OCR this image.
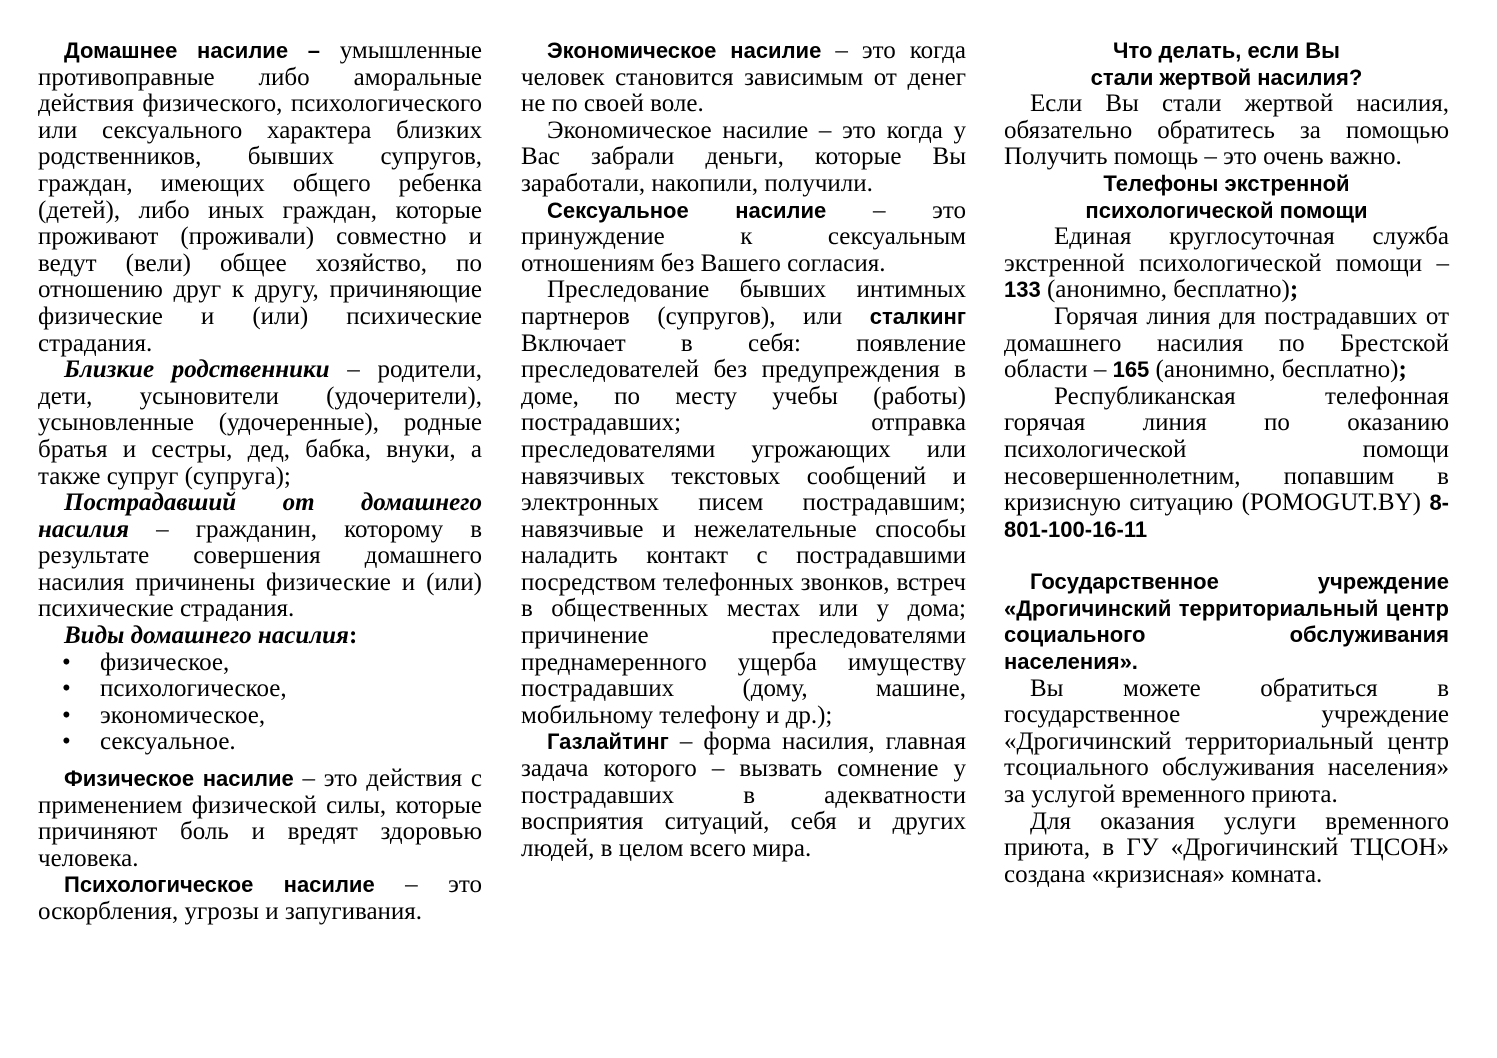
Домашнее насилие – умышленные противоправные либо аморальные действия физического, психологического или сексуального характера близких родственников, бывших супругов, граждан, имеющих общего ребенка (детей), либо иных граждан, которые проживают (проживали) совместно и ведут (вели) общее хозяйство, по отношению друг к другу, причиняющие физические и (или) психические страдания.

Близкие родственники – родители, дети, усыновители (удочерители), усыновленные (удочеренные), родные братья и сестры, дед, бабка, внуки, а также супруг (супруга);

Пострадавший от домашнего насилия – гражданин, которому в результате совершения домашнего насилия причинены физические и (или) психические страдания.

Виды домашнего насилия:

• физическое,
• психологическое,
• экономическое,
• сексуальное.

Физическое насилие – это действия с применением физической силы, которые причиняют боль и вредят здоровью человека.

Психологическое насилие – это оскорбления, угрозы и запугивания.

Экономическое насилие – это когда человек становится зависимым от денег не по своей воле.

Экономическое насилие – это когда у Вас забрали деньги, которые Вы заработали, накопили, получили.

Сексуальное насилие – это принуждение к сексуальным отношениям без Вашего согласия.

Преследование бывших интимных партнеров (супругов), или сталкинг Включает в себя: появление преследователей без предупреждения в доме, по месту учебы (работы) пострадавших; отправка преследователями угрожающих или навязчивых текстовых сообщений и электронных писем пострадавшим; навязчивые и нежелательные способы наладить контакт с пострадавшими посредством телефонных звонков, встреч в общественных местах или у дома; причинение преследователями преднамеренного ущерба имуществу пострадавших (дому, машине, мобильному телефону и др.);

Газлайтинг – форма насилия, главная задача которого – вызвать сомнение у пострадавших в адекватности восприятия ситуаций, себя и других людей, в целом всего мира.

Что делать, если Вы
стали жертвой насилия?

Если Вы стали жертвой насилия, обязательно обратитесь за помощью Получить помощь – это очень важно.

Телефоны экстренной
психологической помощи

Единая круглосуточная служба экстренной психологической помощи – 133 (анонимно, бесплатно);

Горячая линия для пострадавших от домашнего насилия по Брестской области – 165 (анонимно, бесплатно);

Республиканская телефонная горячая линия по оказанию психологической помощи несовершеннолетним, попавшим в кризисную ситуацию (POMOGUT.BY) 8-801-100-16-11

Государственное учреждение «Дрогичинский территориальный центр социального обслуживания населения».

Вы можете обратиться в государственное учреждение «Дрогичинский территориальный центр тсоциального обслуживания населения» за услугой временного приюта.

Для оказания услуги временного приюта, в ГУ «Дрогичинский ТЦСОН» создана «кризисная» комната.
